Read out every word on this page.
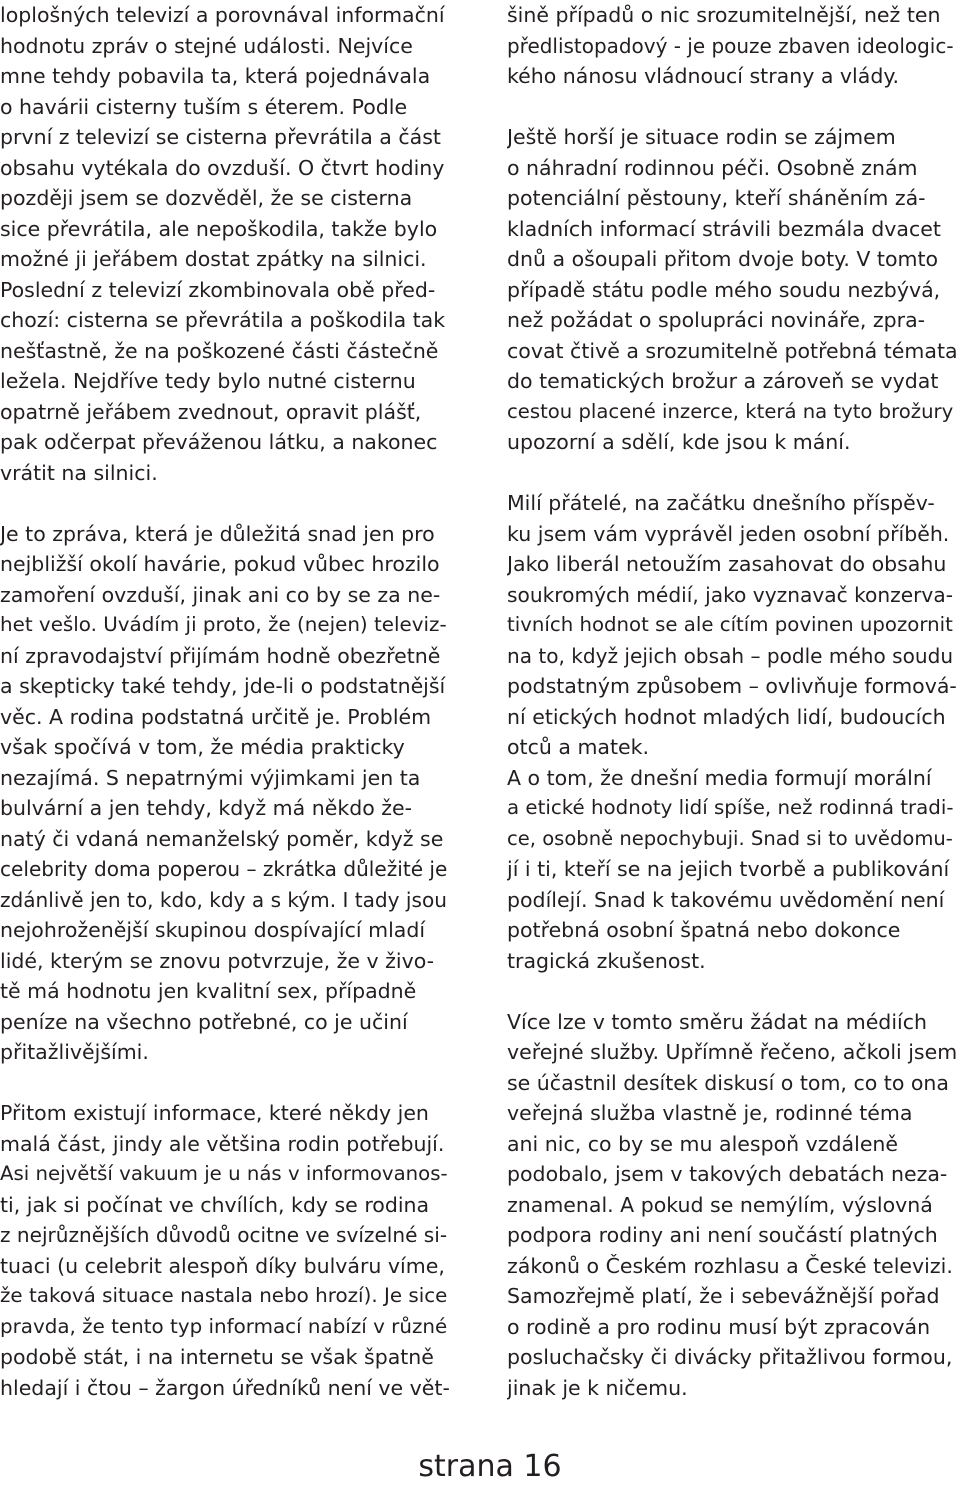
loplošných televizí a porovnával informační
hodnotu zpráv o stejné události. Nejvíce
mne tehdy pobavila ta, která pojednávala
o havárii cisterny tuším s éterem. Podle
první z televizí se cisterna převrátila a část
obsahu vytékala do ovzduší. O čtvrt hodiny
později jsem se dozvěděl, že se cisterna
sice převrátila, ale nepoškodila, takže bylo
možné ji jeřábem dostat zpátky na silnici.
Poslední z televizí zkombinovala obě před-
chozí: cisterna se převrátila a poškodila tak
nešťastně, že na poškozené části částečně
ležela. Nejdříve tedy bylo nutné cisternu
opatrně jeřábem zvednout, opravit plášť,
pak odčerpat převáženou látku, a nakonec
vrátit na silnici.
Je to zpráva, která je důležitá snad jen pro
nejbližší okolí havárie, pokud vůbec hrozilo
zamoření ovzduší, jinak ani co by se za ne-
het vešlo. Uvádím ji proto, že (nejen) televiz-
ní zpravodajství přijímám hodně obezřetně
a skepticky také tehdy, jde-li o podstatnější
věc. A rodina podstatná určitě je. Problém
však spočívá v tom, že média prakticky
nezajímá. S nepatrnými výjimkami jen ta
bulvární a jen tehdy, když má někdo že-
natý či vdaná nemanželský poměr, když se
celebrity doma poperou – zkrátka důležité je
zdánlivě jen to, kdo, kdy a s kým. I tady jsou
nejohroženější skupinou dospívající mladí
lidé, kterým se znovu potvrzuje, že v živo-
tě má hodnotu jen kvalitní sex, případně
peníze na všechno potřebné, co je učiní
přitažlivějšími.
Přitom existují informace, které někdy jen
malá část, jindy ale většina rodin potřebují.
Asi největší vakuum je u nás v informovanos-
ti, jak si počínat ve chvílích, kdy se rodina
z nejrůznějších důvodů ocitne ve svízelné si-
tuaci (u celebrit alespoň díky bulváru víme,
že taková situace nastala nebo hrozí). Je sice
pravda, že tento typ informací nabízí v různé
podobě stát, i na internetu se však špatně
hledají i čtou – žargon úředníků není ve vět-
šině případů o nic srozumitelnější, než ten
předlistopadový - je pouze zbaven ideologic-
kého nánosu vládnoucí strany a vlády.
Ještě horší je situace rodin se zájmem
o náhradní rodinnou péči. Osobně znám
potenciální pěstouny, kteří sháněním zá-
kladních informací strávili bezmála dvacet
dnů a ošoupali přitom dvoje boty. V tomto
případě státu podle mého soudu nezbývá,
než požádat o spolupráci novináře, zpra-
covat čtivě a srozumitelně potřebná témata
do tematických brožur a zároveň se vydat
cestou placené inzerce, která na tyto brožury
upozorní a sdělí, kde jsou k mání.
Milí přátelé, na začátku dnešního příspěv-
ku jsem vám vyprávěl jeden osobní příběh.
Jako liberál netoužím zasahovat do obsahu
soukromých médií, jako vyznavač konzerva-
tivních hodnot se ale cítím povinen upozornit
na to, když jejich obsah – podle mého soudu
podstatným způsobem – ovlivňuje formová-
ní etických hodnot mladých lidí, budoucích
otců a matek.
A o tom, že dnešní media formují morální
a etické hodnoty lidí spíše, než rodinná tradi-
ce, osobně nepochybuji. Snad si to uvědomu-
jí i ti, kteří se na jejich tvorbě a publikování
podílejí. Snad k takovému uvědomění není
potřebná osobní špatná nebo dokonce
tragická zkušenost.
Více lze v tomto směru žádat na médiích
veřejné služby. Upřímně řečeno, ačkoli jsem
se účastnil desítek diskusí o tom, co to ona
veřejná služba vlastně je, rodinné téma
ani nic, co by se mu alespoň vzdáleně
podobalo, jsem v takových debatách neza-
znamenal. A pokud se nemýlím, výslovná
podpora rodiny ani není součástí platných
zákonů o Českém rozhlasu a České televizi.
Samozřejmě platí, že i sebevážnější pořad
o rodině a pro rodinu musí být zpracován
posluchačsky či divácky přitažlivou formou,
jinak je k ničemu.
strana 16
